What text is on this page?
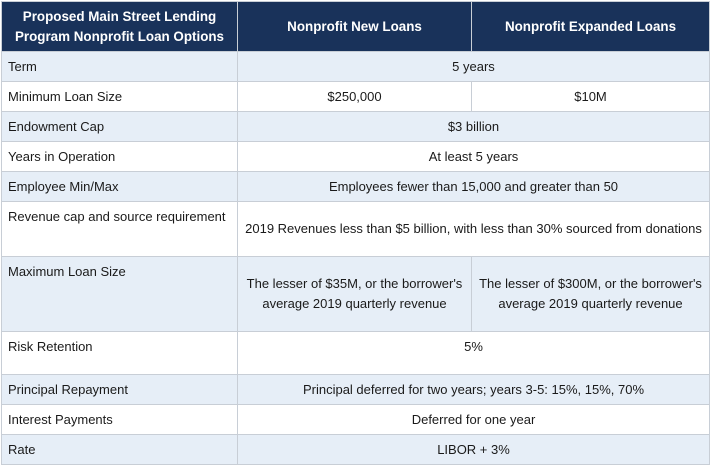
Proposed Main Street Lending Program Nonprofit Loan Options	Nonprofit New Loans	Nonprofit Expanded Loans
Term	5 years	
Minimum Loan Size	$250,000	$10M
Endowment Cap	$3 billion	
Years in Operation	At least 5 years	
Employee Min/Max	Employees fewer than 15,000 and greater than 50	
Revenue cap and source requirement	2019 Revenues less than $5 billion, with less than 30% sourced from donations	
Maximum Loan Size	The lesser of $35M, or the borrower's average 2019 quarterly revenue	The lesser of $300M, or the borrower's average 2019 quarterly revenue
Risk Retention	5%	
Principal Repayment	Principal deferred for two years; years 3-5: 15%, 15%, 70%	
Interest Payments	Deferred for one year	
Rate	LIBOR + 3%	
